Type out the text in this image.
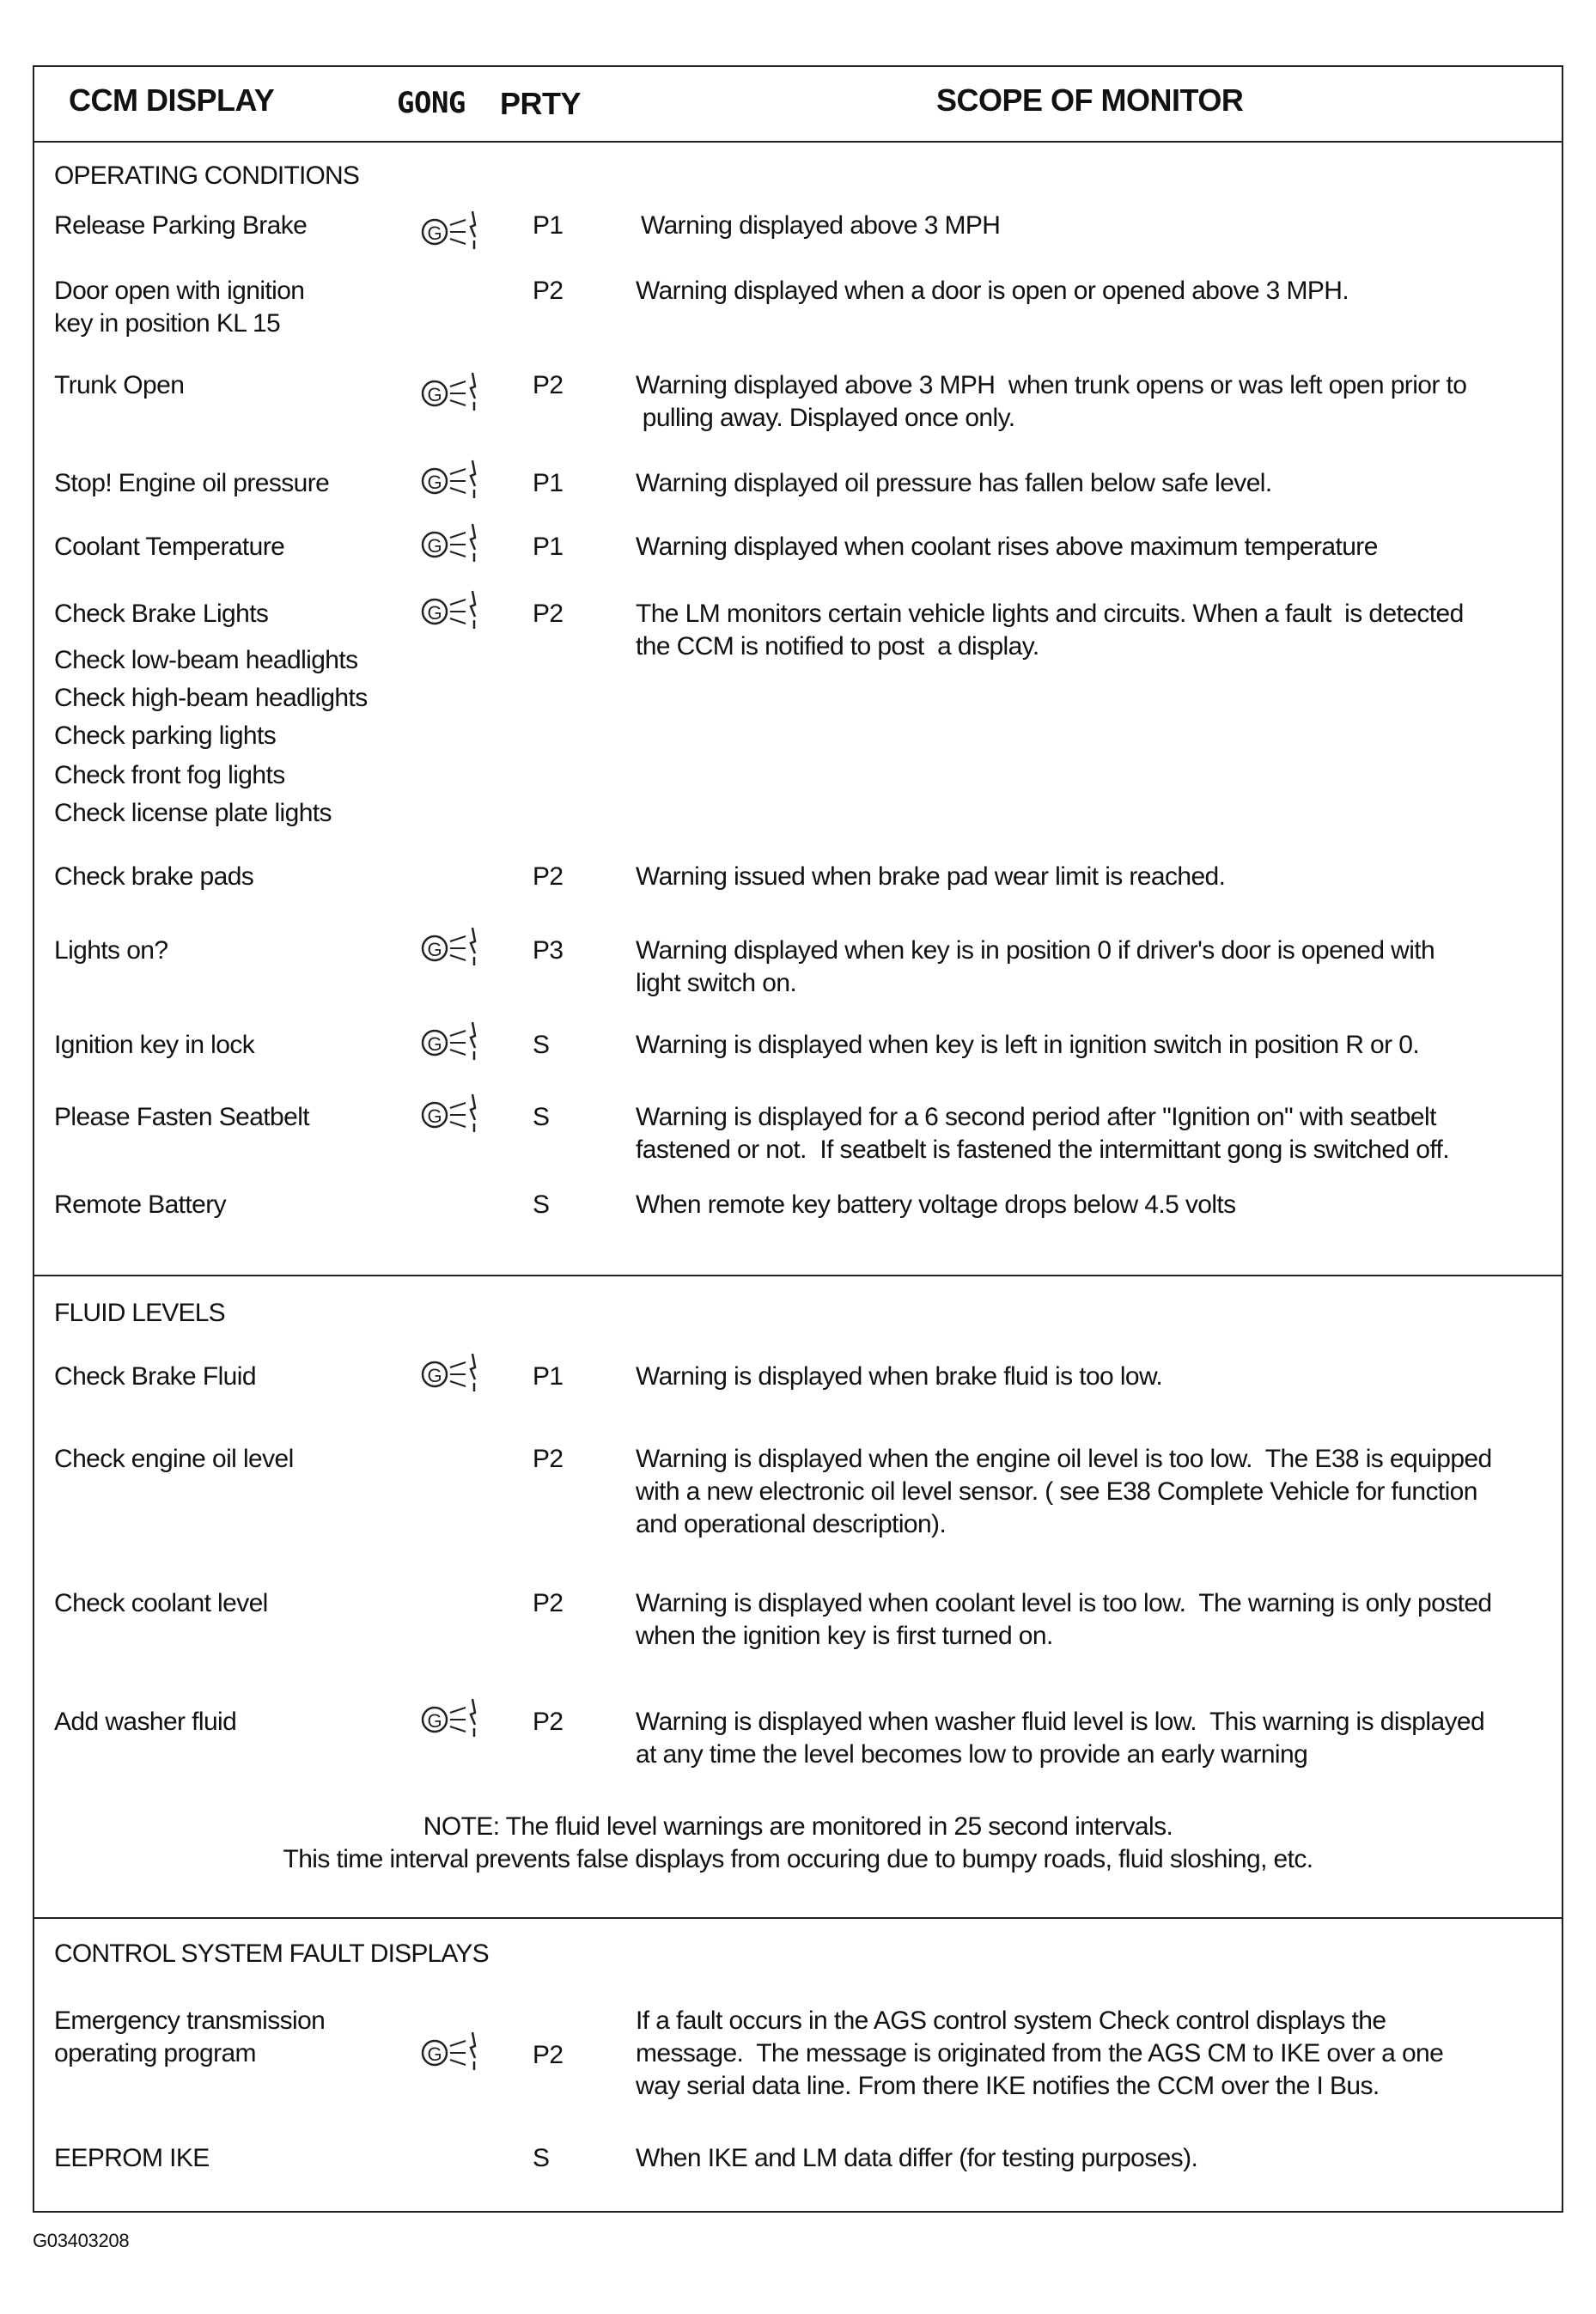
CCM DISPLAY	GONG PRTY	SCOPE OF MONITOR
OPERATING CONDITIONS
Release Parking Brake	G	P1	Warning displayed above 3 MPH
Door open with ignition
key in position KL 15
P2	Warning displayed when a door is open or opened above 3 MPH.
Trunk Open	G	P2	Warning displayed above 3 MPH  when trunk opens or was left open prior to
pulling away. Displayed once only.
Stop! Engine oil pressure	G	P1	Warning displayed oil pressure has fallen below safe level.
Coolant Temperature	G	P1	Warning displayed when coolant rises above maximum temperature
Check Brake Lights	G	P2	The LM monitors certain vehicle lights and circuits. When a fault  is detected
the CCM is notified to post  a display.
Check low-beam headlights
Check high-beam headlights
Check parking lights
Check front fog lights
Check license plate lights
Check brake pads	P2	Warning issued when brake pad wear limit is reached.
Lights on?	G	P3	Warning displayed when key is in position 0 if driver's door is opened with
light switch on.
Ignition key in lock	G	S	Warning is displayed when key is left in ignition switch in position R or 0.
Please Fasten Seatbelt	G	S	Warning is displayed for a 6 second period after "Ignition on" with seatbelt
fastened or not.  If seatbelt is fastened the intermittant gong is switched off.
Remote Battery	S	When remote key battery voltage drops below 4.5 volts
FLUID LEVELS
Check Brake Fluid	G	P1	Warning is displayed when brake fluid is too low.
Check engine oil level	P2	Warning is displayed when the engine oil level is too low.  The E38 is equipped
with a new electronic oil level sensor. ( see E38 Complete Vehicle for function
and operational description).
Check coolant level	P2	Warning is displayed when coolant level is too low.  The warning is only posted
when the ignition key is first turned on.
Add washer fluid	G	P2	Warning is displayed when washer fluid level is low.  This warning is displayed
at any time the level becomes low to provide an early warning
NOTE: The fluid level warnings are monitored in 25 second intervals.
This time interval prevents false displays from occuring due to bumpy roads, fluid sloshing, etc.
CONTROL SYSTEM FAULT DISPLAYS
Emergency transmission
operating program	G	P2
If a fault occurs in the AGS control system Check control displays the
message.  The message is originated from the AGS CM to IKE over a one
way serial data line. From there IKE notifies the CCM over the I Bus.
EEPROM IKE	S	When IKE and LM data differ (for testing purposes).
G03403208
